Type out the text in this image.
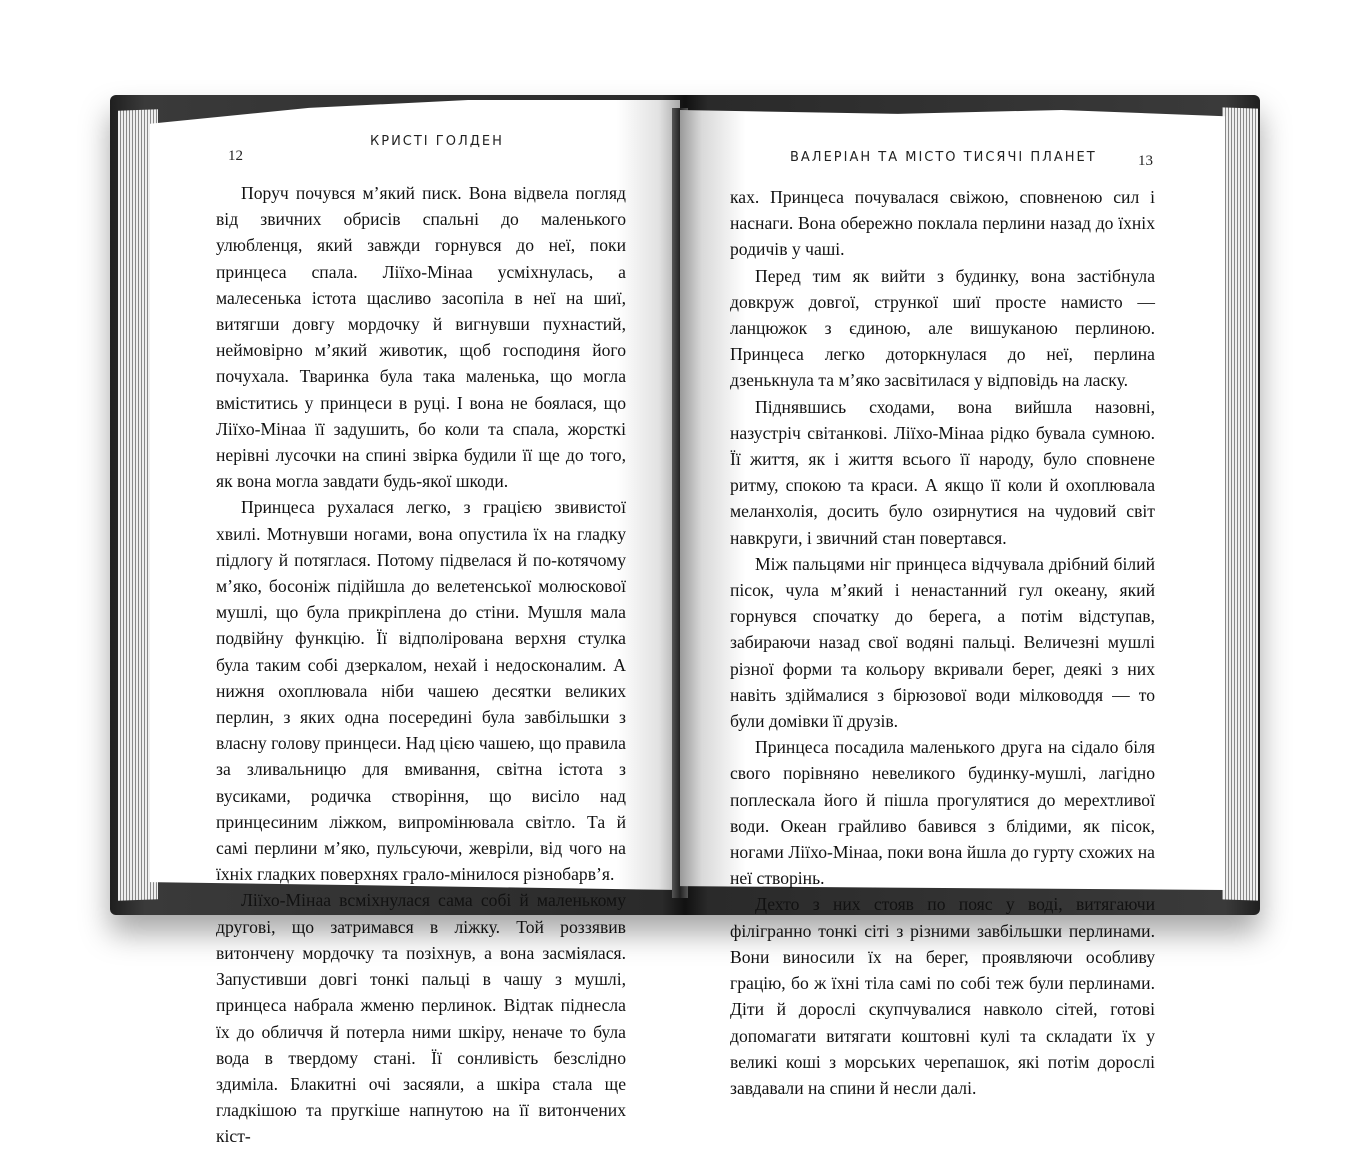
12
КРИСТІ ГОЛДЕН

Поруч почувся м’який писк. Вона відвела погляд від звичних обрисів спальні до маленького улюбленця, який завжди горнувся до неї, поки принцеса спала. Ліїхо-Мінаа усміхнулась, а малесенька істота щасливо засопіла в неї на шиї, витягши довгу мордочку й вигнувши пухнастий, неймовірно м’який животик, щоб господиня його почухала. Тваринка була така маленька, що могла вміститись у принцеси в руці. І вона не боялася, що Ліїхо-Мінаа її задушить, бо коли та спала, жорсткі нерівні лусочки на спині звірка будили її ще до того, як вона могла завдати будь-якої шкоди.

Принцеса рухалася легко, з грацією звивистої хвилі. Мотнувши ногами, вона опустила їх на гладку підлогу й потяглася. Потому підвелася й по-котячому м’яко, босоніж підійшла до велетенської молюскової мушлі, що була прикріплена до стіни. Мушля мала подвійну функцію. Її відполірована верхня стулка була таким собі дзеркалом, нехай і недосконалим. А нижня охоплювала ніби чашею десятки великих перлин, з яких одна посередині була завбільшки з власну голову принцеси. Над цією чашею, що правила за зливальницю для вмивання, світна істота з вусиками, родичка створіння, що висіло над принцесиним ліжком, випромінювала світло. Та й самі перлини м’яко, пульсуючи, жевріли, від чого на їхніх гладких поверхнях грало-мінилося різнобарв’я.

Ліїхо-Мінаа всміхнулася сама собі й маленькому другові, що затримався в ліжку. Той роззявив витончену мордочку та позіхнув, а вона засміялася. Запустивши довгі тонкі пальці в чашу з мушлі, принцеса набрала жменю перлинок. Відтак піднесла їх до обличчя й потерла ними шкіру, неначе то була вода в твердому стані. Її сонливість безслідно здиміла. Блакитні очі засяяли, а шкіра стала ще гладкішою та пругкіше напнутою на її витончених кіст-

ВАЛЕРІАН ТА МІСТО ТИСЯЧІ ПЛАНЕТ	13

ках. Принцеса почувалася свіжою, сповненою сил і наснаги. Вона обережно поклала перлини назад до їхніх родичів у чаші.

Перед тим як вийти з будинку, вона застібнула довкруж довгої, стрункої шиї просте намисто — ланцюжок з єдиною, але вишуканою перлиною. Принцеса легко доторкнулася до неї, перлина дзенькнула та м’яко засвітилася у відповідь на ласку.

Піднявшись сходами, вона вийшла назовні, назустріч світанкові. Ліїхо-Мінаа рідко бувала сумною. Її життя, як і життя всього її народу, було сповнене ритму, спокою та краси. А якщо її коли й охоплювала меланхолія, досить було озирнутися на чудовий світ навкруги, і звичний стан повертався.

Між пальцями ніг принцеса відчувала дрібний білий пісок, чула м’який і ненастанний гул океану, який горнувся спочатку до берега, а потім відступав, забираючи назад свої водяні пальці. Величезні мушлі різної форми та кольору вкривали берег, деякі з них навіть здіймалися з бірюзової води мілководдя — то були домівки її друзів.

Принцеса посадила маленького друга на сідало біля свого порівняно невеликого будинку-мушлі, лагідно поплескала його й пішла прогулятися до мерехтливої води. Океан грайливо бавився з блідими, як пісок, ногами Ліїхо-Мінаа, поки вона йшла до гурту схожих на неї створінь.

Дехто з них стояв по пояс у воді, витягаючи філігранно тонкі сіті з різними завбільшки перлинами. Вони виносили їх на берег, проявляючи особливу грацію, бо ж їхні тіла самі по собі теж були перлинами. Діти й дорослі скупчувалися навколо сітей, готові допомагати витягати коштовні кулі та складати їх у великі коші з морських черепашок, які потім дорослі завдавали на спини й несли далі.
